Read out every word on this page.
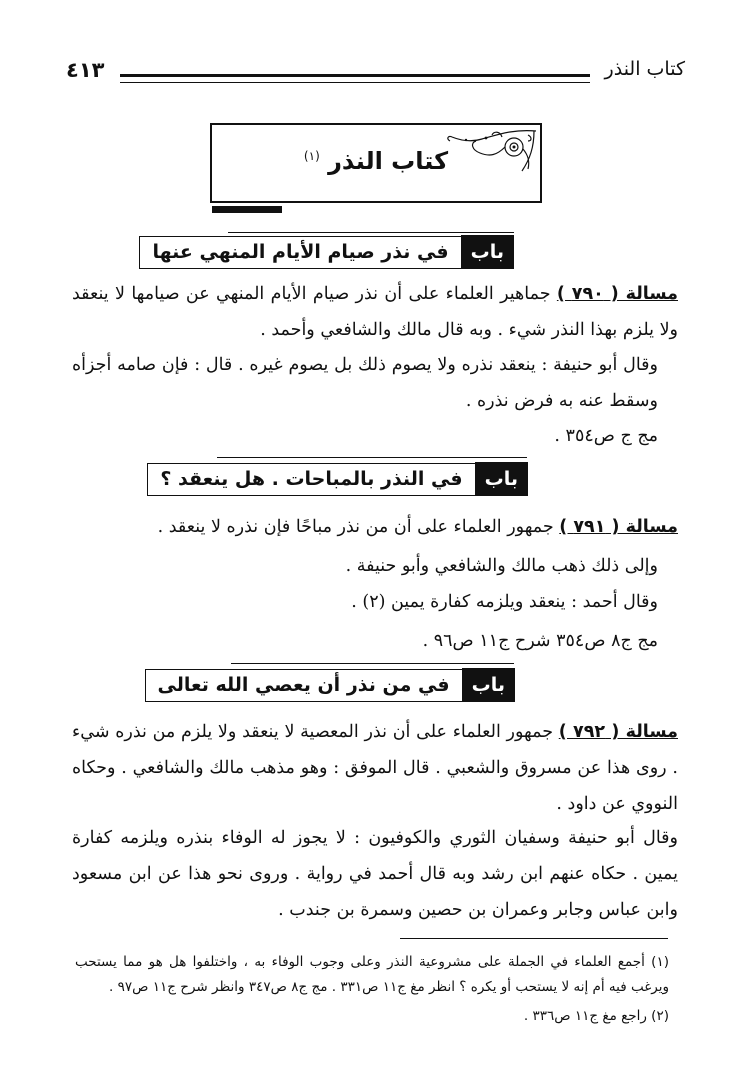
كتاب النذر
٤١٣
كتاب النذر $^{(١)}$
باب
في نذر صيام الأيام المنهي عنها

مسالة ( ٧٩٠ ) جماهير العلماء على أن نذر صيام الأيام المنهي عن صيامها لا ينعقد ولا يلزم بهذا النذر شيء . وبه قال مالك والشافعي وأحمد .

وقال أبو حنيفة : ينعقد نذره ولا يصوم ذلك بل يصوم غيره . قال : فإن صامه أجزأه وسقط عنه به فرض نذره .

مج ج ص٣٥٤ .

باب
في النذر بالمباحات . هل ينعقد ؟

مسالة ( ٧٩١ ) جمهور العلماء على أن من نذر مباحًا فإن نذره لا ينعقد .

وإلى ذلك ذهب مالك والشافعي وأبو حنيفة .

وقال أحمد : ينعقد ويلزمه كفارة يمين (٢) .

مج ج٨ ص٣٥٤ شرح ج١١ ص٩٦ .

باب
في من نذر أن يعصي الله تعالى

مسالة ( ٧٩٢ ) جمهور العلماء على أن نذر المعصية لا ينعقد ولا يلزم من نذره شيء . روى هذا عن مسروق والشعبي . قال الموفق : وهو مذهب مالك والشافعي . وحكاه النووي عن داود .

وقال أبو حنيفة وسفيان الثوري والكوفيون : لا يجوز له الوفاء بنذره ويلزمه كفارة يمين . حكاه عنهم ابن رشد وبه قال أحمد في رواية . وروى نحو هذا عن ابن مسعود وابن عباس وجابر وعمران بن حصين وسمرة بن جندب .

(١) أجمع العلماء في الجملة على مشروعية النذر وعلى وجوب الوفاء به ، واختلفوا هل هو مما يستحب ويرغب فيه أم إنه لا يستحب أو يكره ؟ انظر مغ ج١١ ص٣٣١ . مج ج٨ ص٣٤٧ وانظر شرح ج١١ ص٩٧ .

(٢) راجع مغ ج١١ ص٣٣٦ .
